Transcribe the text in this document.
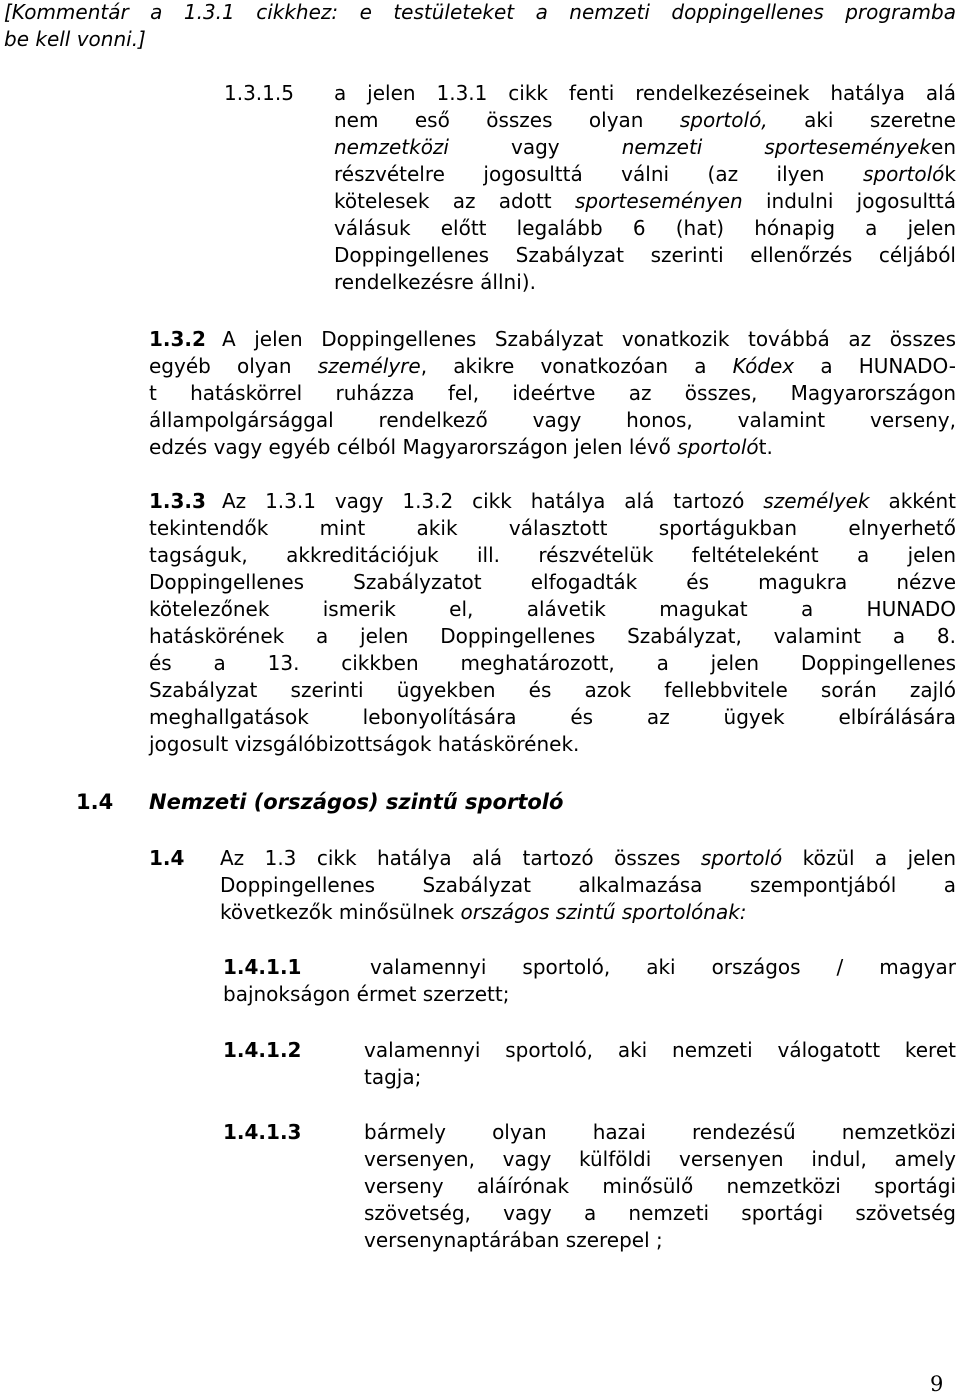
[Kommentár a 1.3.1 cikkhez: e testületeket a nemzeti doppingellenes programba
be kell vonni.]
1.3.1.5 a jelen 1.3.1 cikk fenti rendelkezéseinek hatálya alá
nem eső összes olyan sportoló, aki szeretne
nemzetközi vagy nemzeti sporteseményeken
részvételre jogosulttá válni (az ilyen sportolók
kötelesek az adott sporteseményen indulni jogosulttá
válásuk előtt legalább 6 (hat) hónapig a jelen
Doppingellenes Szabályzat szerinti ellenőrzés céljából
rendelkezésre állni).
1.3.2 A jelen Doppingellenes Szabályzat vonatkozik továbbá az összes
egyéb olyan személyre, akikre vonatkozóan a Kódex a HUNADO-
t hatáskörrel ruházza fel, ideértve az összes, Magyarországon
állampolgársággal rendelkező vagy honos, valamint verseny,
edzés vagy egyéb célból Magyarországon jelen lévő sportolót.
1.3.3 Az 1.3.1 vagy 1.3.2 cikk hatálya alá tartozó személyek akként
tekintendők mint akik választott sportágukban elnyerhető
tagságuk, akkreditációjuk ill. részvételük feltételeként a jelen
Doppingellenes Szabályzatot elfogadták és magukra nézve
kötelezőnek ismerik el, alávetik magukat a HUNADO
hatáskörének a jelen Doppingellenes Szabályzat, valamint a 8.
és a 13. cikkben meghatározott, a jelen Doppingellenes
Szabályzat szerinti ügyekben és azok fellebbvitele során zajló
meghallgatások lebonyolítására és az ügyek elbírálására
jogosult vizsgálóbizottságok hatáskörének.
1.4 Nemzeti (országos) szintű sportoló
1.4 Az 1.3 cikk hatálya alá tartozó összes sportoló közül a jelen
Doppingellenes Szabályzat alkalmazása szempontjából a
következők minősülnek országos szintű sportolónak:
1.4.1.1	valamennyi sportoló, aki országos / magyar
bajnokságon érmet szerzett;
1.4.1.2	valamennyi sportoló, aki nemzeti válogatott keret
tagja;
1.4.1.3	bármely olyan hazai rendezésű nemzetközi
versenyen, vagy külföldi versenyen indul, amely
verseny aláírónak minősülő nemzetközi sportági
szövetség, vagy a nemzeti sportági szövetség
versenynaptárában szerepel ;
9
